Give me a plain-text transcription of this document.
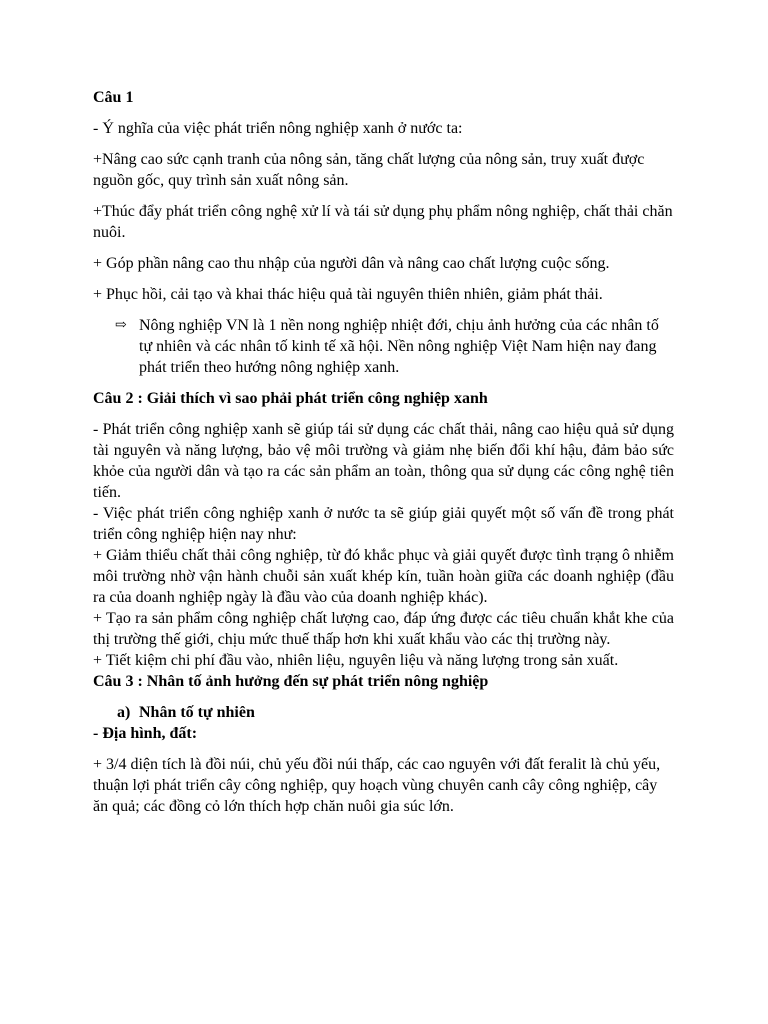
Câu 1

- Ý nghĩa của việc phát triển nông nghiệp xanh ở nước ta:

+Nâng cao sức cạnh tranh của nông sản, tăng chất lượng của nông sản, truy xuất được nguồn gốc, quy trình sản xuất nông sản.

+Thúc đẩy phát triển công nghệ xử lí và tái sử dụng phụ phẩm nông nghiệp, chất thải chăn nuôi.

+ Góp phần nâng cao thu nhập của người dân và nâng cao chất lượng cuộc sống.

+ Phục hồi, cải tạo và khai thác hiệu quả tài nguyên thiên nhiên, giảm phát thải.

⇨ Nông nghiệp VN là 1 nền nong nghiệp nhiệt đới, chịu ảnh hưởng của các nhân tố tự nhiên và các nhân tố kinh tế xã hội. Nền nông nghiệp Việt Nam hiện nay đang phát triển theo hướng nông nghiệp xanh.

Câu 2 : Giải thích vì sao phải phát triển công nghiệp xanh

- Phát triển công nghiệp xanh sẽ giúp tái sử dụng các chất thải, nâng cao hiệu quả sử dụng tài nguyên và năng lượng, bảo vệ môi trường và giảm nhẹ biến đổi khí hậu, đảm bảo sức khỏe của người dân và tạo ra các sản phẩm an toàn, thông qua sử dụng các công nghệ tiên tiến.

- Việc phát triển công nghiệp xanh ở nước ta sẽ giúp giải quyết một số vấn đề trong phát triển công nghiệp hiện nay như:

+ Giảm thiểu chất thải công nghiệp, từ đó khắc phục và giải quyết được tình trạng ô nhiễm môi trường nhờ vận hành chuỗi sản xuất khép kín, tuần hoàn giữa các doanh nghiệp (đầu ra của doanh nghiệp ngày là đầu vào của doanh nghiệp khác).

+ Tạo ra sản phẩm công nghiệp chất lượng cao, đáp ứng được các tiêu chuẩn khắt khe của thị trường thế giới, chịu mức thuế thấp hơn khi xuất khẩu vào các thị trường này.

+ Tiết kiệm chi phí đầu vào, nhiên liệu, nguyên liệu và năng lượng trong sản xuất.

Câu 3 : Nhân tố ảnh hưởng đến sự phát triển nông nghiệp

a) Nhân tố tự nhiên

- Địa hình, đất:

+ 3/4 diện tích là đồi núi, chủ yếu đồi núi thấp, các cao nguyên với đất feralit là chủ yếu, thuận lợi phát triển cây công nghiệp, quy hoạch vùng chuyên canh cây công nghiệp, cây ăn quả; các đồng cỏ lớn thích hợp chăn nuôi gia súc lớn.
